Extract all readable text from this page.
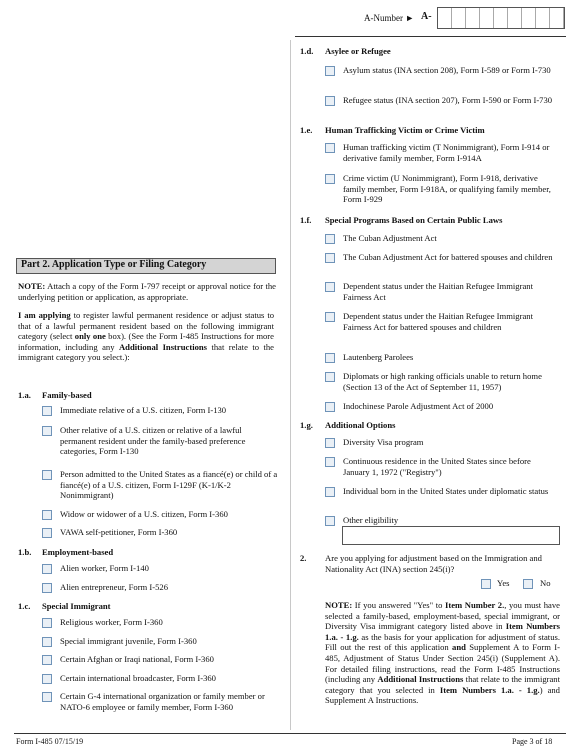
A-Number ► A-
Part 2. Application Type or Filing Category
NOTE: Attach a copy of the Form I-797 receipt or approval notice for the underlying petition or application, as appropriate.
I am applying to register lawful permanent residence or adjust status to that of a lawful permanent resident based on the following immigrant category (select only one box). (See the Form I-485 Instructions for more information, including any Additional Instructions that relate to the immigrant category you select.):
1.a. Family-based
Immediate relative of a U.S. citizen, Form I-130
Other relative of a U.S. citizen or relative of a lawful permanent resident under the family-based preference categories, Form I-130
Person admitted to the United States as a fiancé(e) or child of a fiancé(e) of a U.S. citizen, Form I-129F (K-1/K-2 Nonimmigrant)
Widow or widower of a U.S. citizen, Form I-360
VAWA self-petitioner, Form I-360
1.b. Employment-based
Alien worker, Form I-140
Alien entrepreneur, Form I-526
1.c. Special Immigrant
Religious worker, Form I-360
Special immigrant juvenile, Form I-360
Certain Afghan or Iraqi national, Form I-360
Certain international broadcaster, Form I-360
Certain G-4 international organization or family member or NATO-6 employee or family member, Form I-360
1.d. Asylee or Refugee
Asylum status (INA section 208), Form I-589 or Form I-730
Refugee status (INA section 207), Form I-590 or Form I-730
1.e. Human Trafficking Victim or Crime Victim
Human trafficking victim (T Nonimmigrant), Form I-914 or derivative family member, Form I-914A
Crime victim (U Nonimmigrant), Form I-918, derivative family member, Form I-918A, or qualifying family member, Form I-929
1.f. Special Programs Based on Certain Public Laws
The Cuban Adjustment Act
The Cuban Adjustment Act for battered spouses and children
Dependent status under the Haitian Refugee Immigrant Fairness Act
Dependent status under the Haitian Refugee Immigrant Fairness Act for battered spouses and children
Lautenberg Parolees
Diplomats or high ranking officials unable to return home (Section 13 of the Act of September 11, 1957)
Indochinese Parole Adjustment Act of 2000
1.g. Additional Options
Diversity Visa program
Continuous residence in the United States since before January 1, 1972 ("Registry")
Individual born in the United States under diplomatic status
Other eligibility
2. Are you applying for adjustment based on the Immigration and Nationality Act (INA) section 245(i)?
Yes	No
NOTE: If you answered "Yes" to Item Number 2., you must have selected a family-based, employment-based, special immigrant, or Diversity Visa immigrant category listed above in Item Numbers 1.a. - 1.g. as the basis for your application for adjustment of status. Fill out the rest of this application and Supplement A to Form I-485, Adjustment of Status Under Section 245(i) (Supplement A). For detailed filing instructions, read the Form I-485 Instructions (including any Additional Instructions that relate to the immigrant category that you selected in Item Numbers 1.a. - 1.g.) and Supplement A Instructions.
Form I-485 07/15/19	Page 3 of 18
